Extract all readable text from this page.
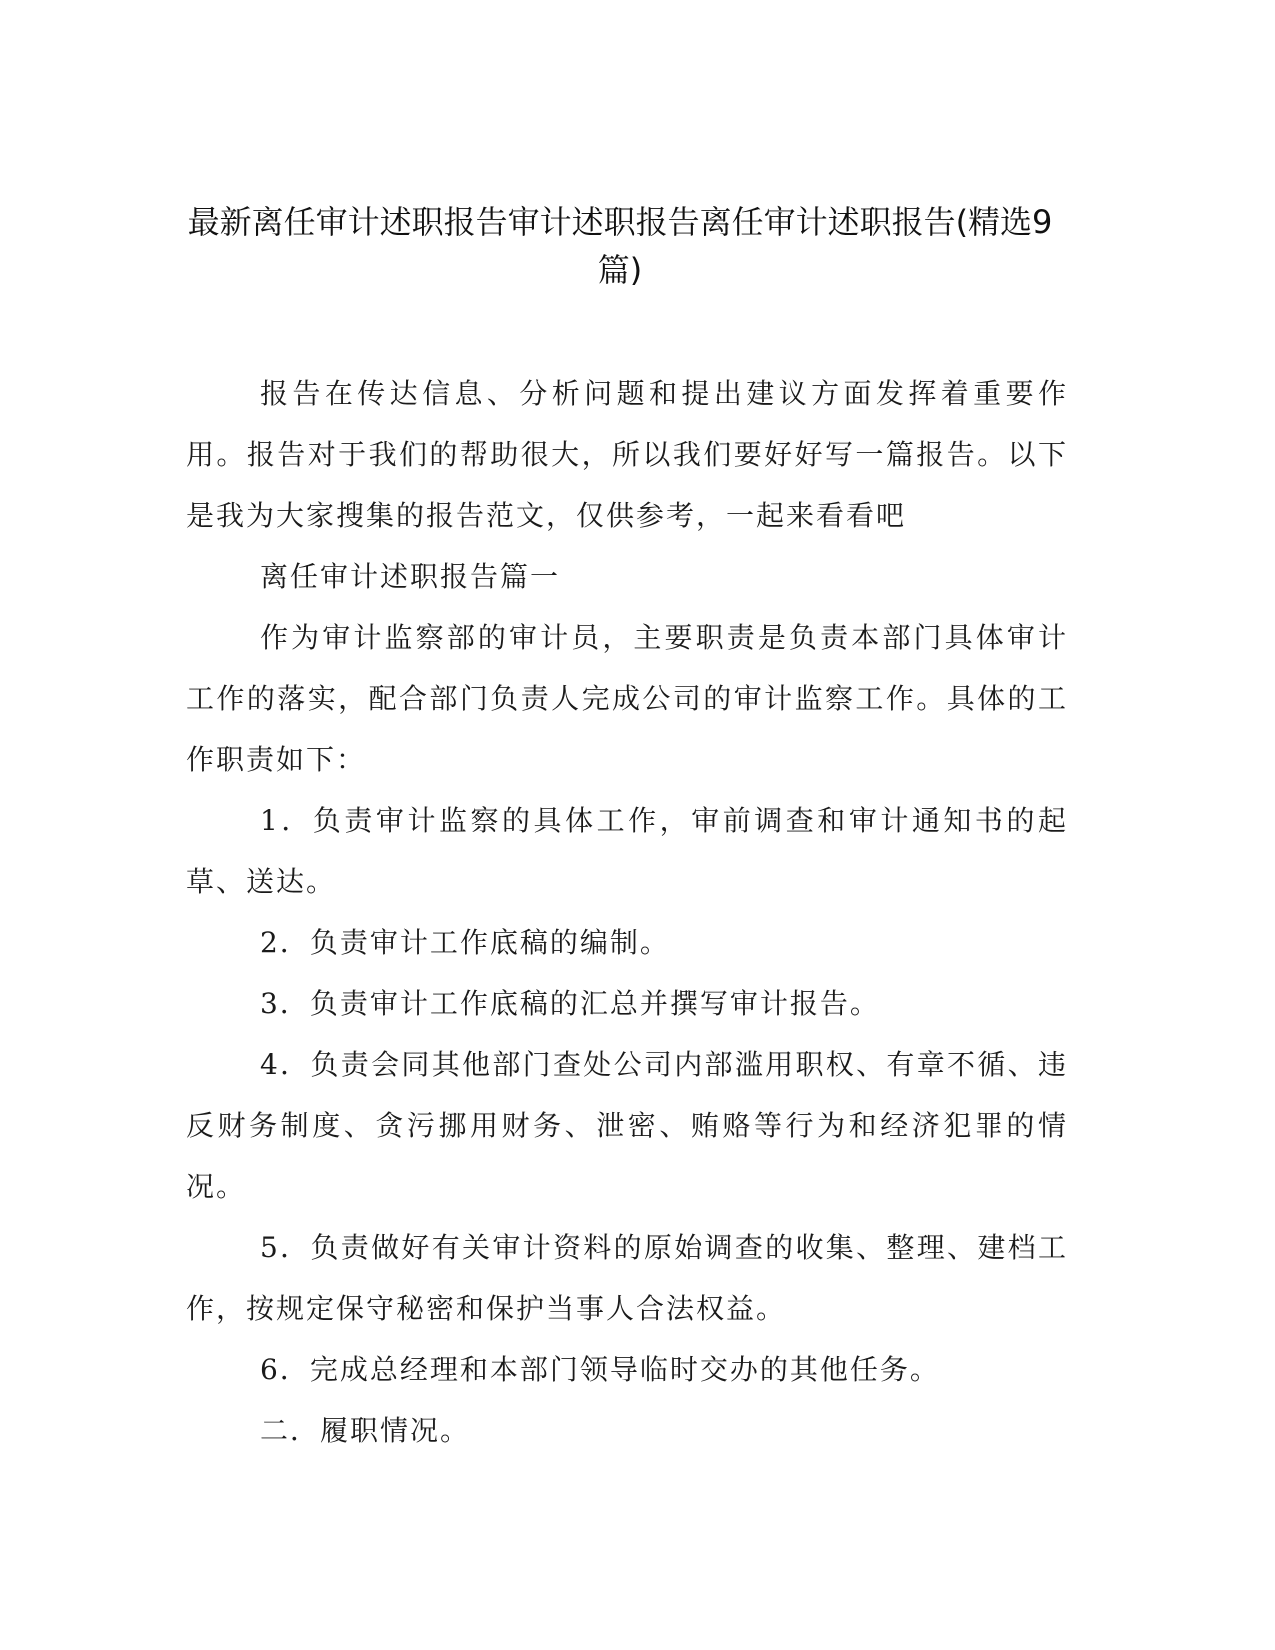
最新离任审计述职报告审计述职报告离任审计述职报告(精选9篇)

报告在传达信息、分析问题和提出建议方面发挥着重要作用。报告对于我们的帮助很大，所以我们要好好写一篇报告。以下是我为大家搜集的报告范文，仅供参考，一起来看看吧

离任审计述职报告篇一

作为审计监察部的审计员，主要职责是负责本部门具体审计工作的落实，配合部门负责人完成公司的审计监察工作。具体的工作职责如下：

1．负责审计监察的具体工作，审前调查和审计通知书的起草、送达。

2．负责审计工作底稿的编制。

3．负责审计工作底稿的汇总并撰写审计报告。

4．负责会同其他部门查处公司内部滥用职权、有章不循、违反财务制度、贪污挪用财务、泄密、贿赂等行为和经济犯罪的情况。

5．负责做好有关审计资料的原始调查的收集、整理、建档工作，按规定保守秘密和保护当事人合法权益。

6．完成总经理和本部门领导临时交办的其他任务。

二．履职情况。
